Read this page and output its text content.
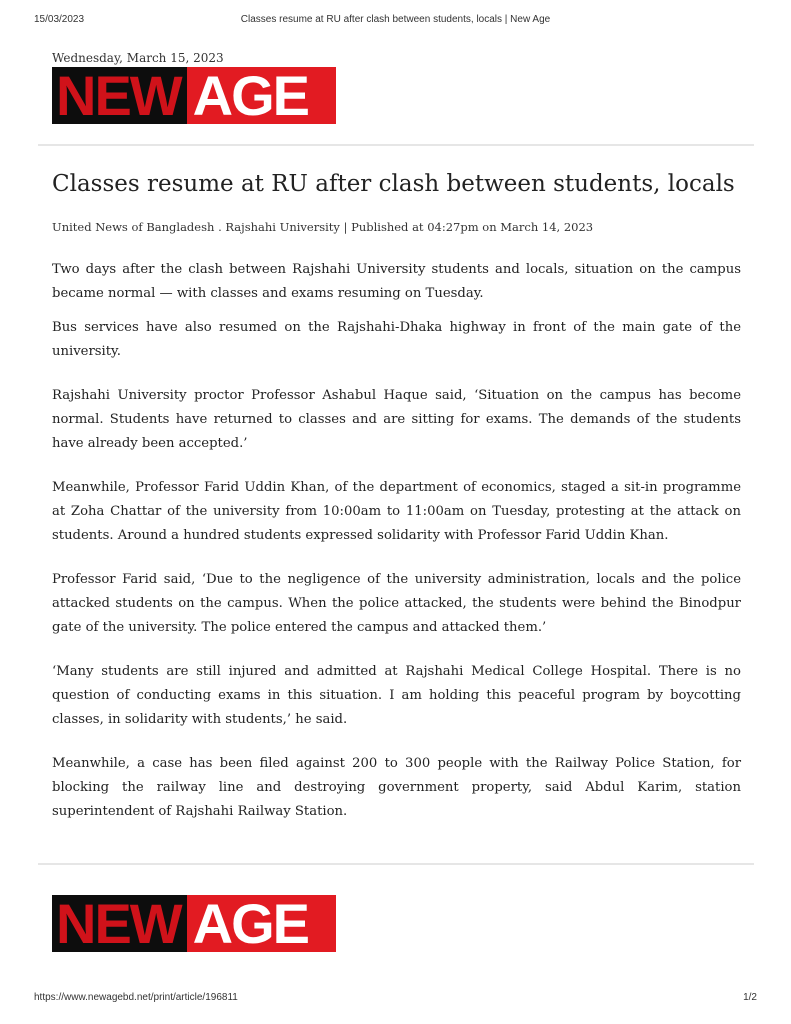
15/03/2023	Classes resume at RU after clash between students, locals | New Age
Wednesday, March 15, 2023
NEW AGE
Classes resume at RU after clash between students, locals
United News of Bangladesh . Rajshahi University | Published at 04:27pm on March 14, 2023

Two days after the clash between Rajshahi University students and locals, situation on the campus became normal — with classes and exams resuming on Tuesday.

Bus services have also resumed on the Rajshahi-Dhaka highway in front of the main gate of the university.

Rajshahi University proctor Professor Ashabul Haque said, ‘Situation on the campus has become normal. Students have returned to classes and are sitting for exams. The demands of the students have already been accepted.’

Meanwhile, Professor Farid Uddin Khan, of the department of economics, staged a sit-in programme at Zoha Chattar of the university from 10:00am to 11:00am on Tuesday, protesting at the attack on students. Around a hundred students expressed solidarity with Professor Farid Uddin Khan.

Professor Farid said, ‘Due to the negligence of the university administration, locals and the police attacked students on the campus. When the police attacked, the students were behind the Binodpur gate of the university. The police entered the campus and attacked them.’

‘Many students are still injured and admitted at Rajshahi Medical College Hospital. There is no question of conducting exams in this situation. I am holding this peaceful program by boycotting classes, in solidarity with students,’ he said.

Meanwhile, a case has been filed against 200 to 300 people with the Railway Police Station, for blocking the railway line and destroying government property, said Abdul Karim, station superintendent of Rajshahi Railway Station.

NEW AGE
https://www.newagebd.net/print/article/196811	1/2
